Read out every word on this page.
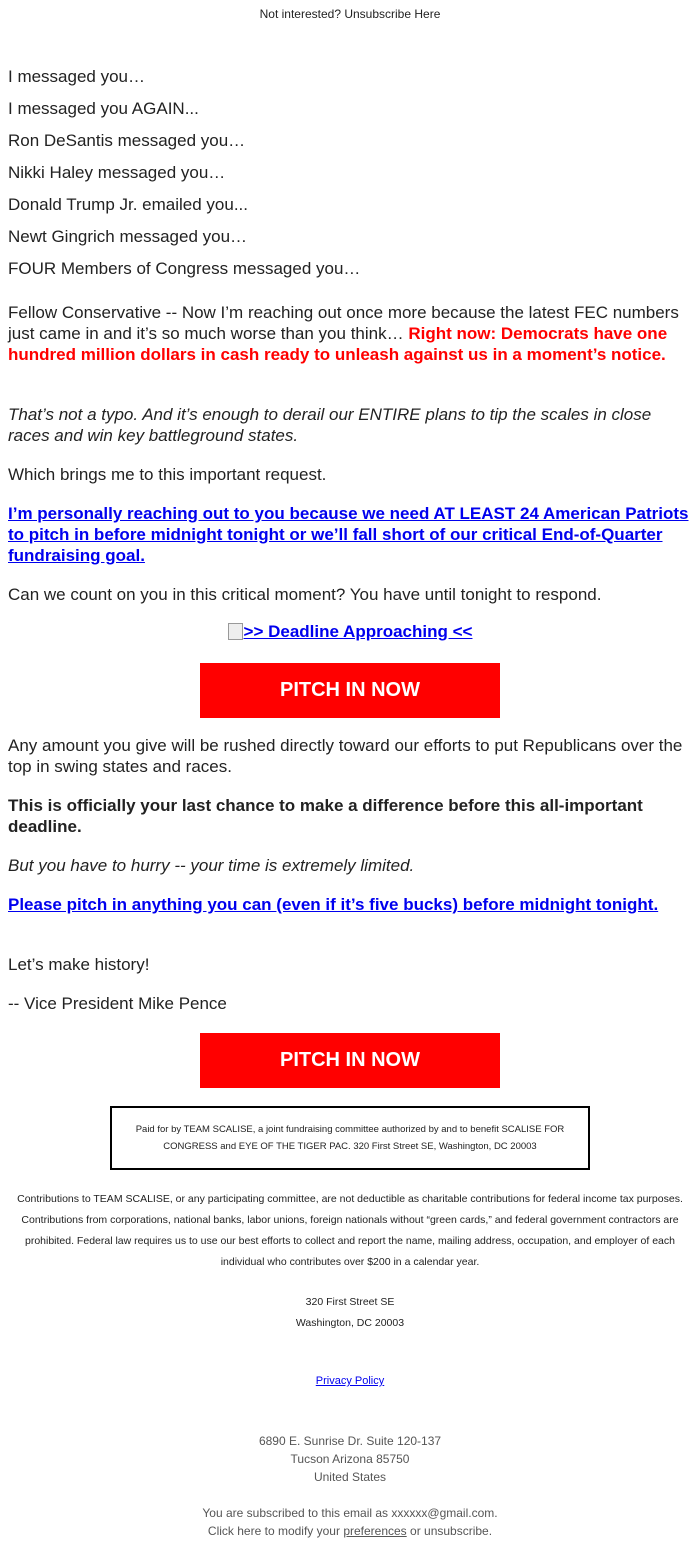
Not interested? Unsubscribe Here
I messaged you…
I messaged you AGAIN...
Ron DeSantis messaged you…
Nikki Haley messaged you…
Donald Trump Jr. emailed you...
Newt Gingrich messaged you…
FOUR Members of Congress messaged you…
Fellow Conservative -- Now I’m reaching out once more because the latest FEC numbers just came in and it’s so much worse than you think… Right now: Democrats have one hundred million dollars in cash ready to unleash against us in a moment’s notice.
That’s not a typo. And it’s enough to derail our ENTIRE plans to tip the scales in close races and win key battleground states.
Which brings me to this important request.
I’m personally reaching out to you because we need AT LEAST 24 American Patriots to pitch in before midnight tonight or we’ll fall short of our critical End-of-Quarter fundraising goal.
Can we count on you in this critical moment? You have until tonight to respond.
>> Deadline Approaching <<
PITCH IN NOW
Any amount you give will be rushed directly toward our efforts to put Republicans over the top in swing states and races.
This is officially your last chance to make a difference before this all-important deadline.
But you have to hurry -- your time is extremely limited.
Please pitch in anything you can (even if it’s five bucks) before midnight tonight.
Let’s make history!
-- Vice President Mike Pence
PITCH IN NOW
Paid for by TEAM SCALISE, a joint fundraising committee authorized by and to benefit SCALISE FOR CONGRESS and EYE OF THE TIGER PAC. 320 First Street SE, Washington, DC 20003
Contributions to TEAM SCALISE, or any participating committee, are not deductible as charitable contributions for federal income tax purposes. Contributions from corporations, national banks, labor unions, foreign nationals without “green cards,” and federal government contractors are prohibited. Federal law requires us to use our best efforts to collect and report the name, mailing address, occupation, and employer of each individual who contributes over $200 in a calendar year.
320 First Street SE
Washington, DC 20003
Privacy Policy
6890 E. Sunrise Dr. Suite 120-137
Tucson Arizona 85750
United States
You are subscribed to this email as xxxxxx@gmail.com.
Click here to modify your preferences or unsubscribe.
